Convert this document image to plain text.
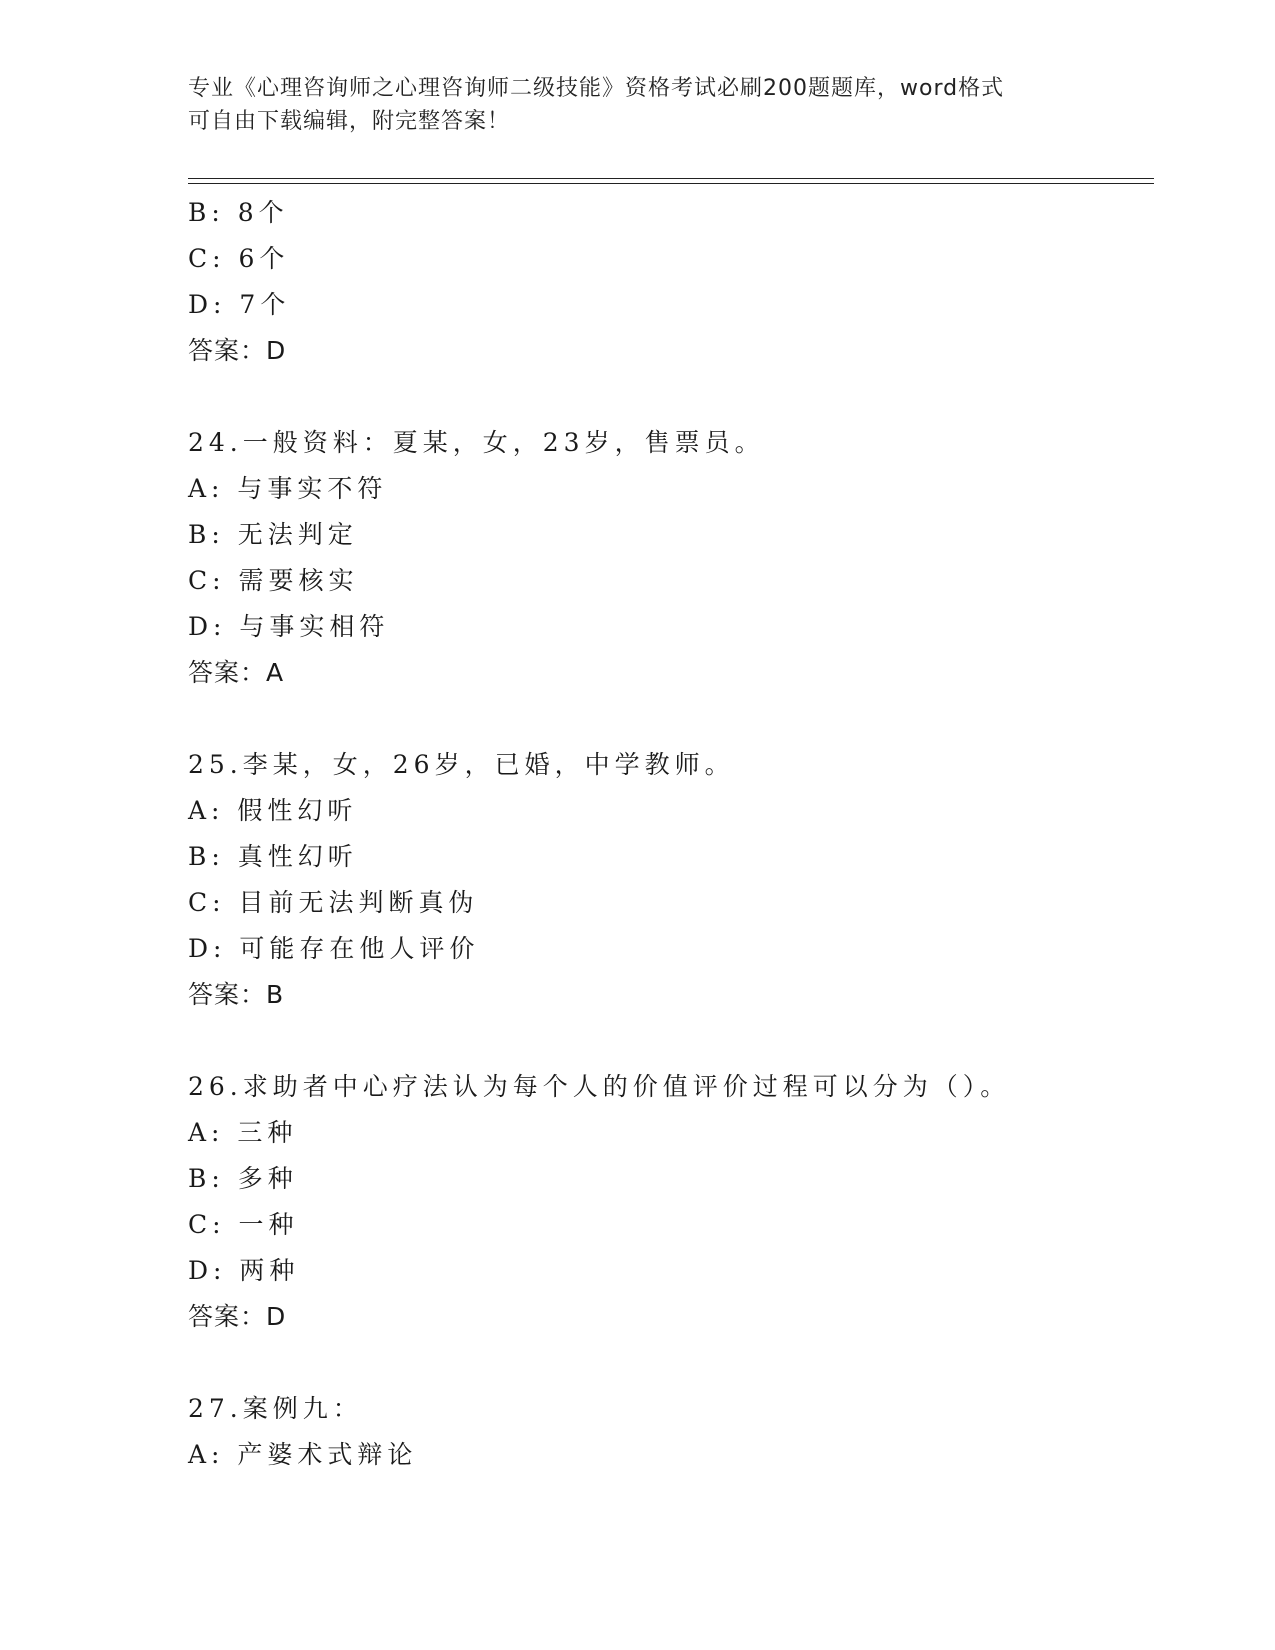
专业《心理咨询师之心理咨询师二级技能》资格考试必刷200题题库，word格式
可自由下载编辑，附完整答案！
B: 8个
C: 6个
D: 7个
答案：D
24.一般资料：夏某，女，23岁，售票员。
A: 与事实不符
B: 无法判定
C: 需要核实
D: 与事实相符
答案：A
25.李某，女，26岁，已婚，中学教师。
A: 假性幻听
B: 真性幻听
C: 目前无法判断真伪
D: 可能存在他人评价
答案：B
26.求助者中心疗法认为每个人的价值评价过程可以分为（）。
A: 三种
B: 多种
C: 一种
D: 两种
答案：D
27.案例九：
A: 产婆术式辩论
